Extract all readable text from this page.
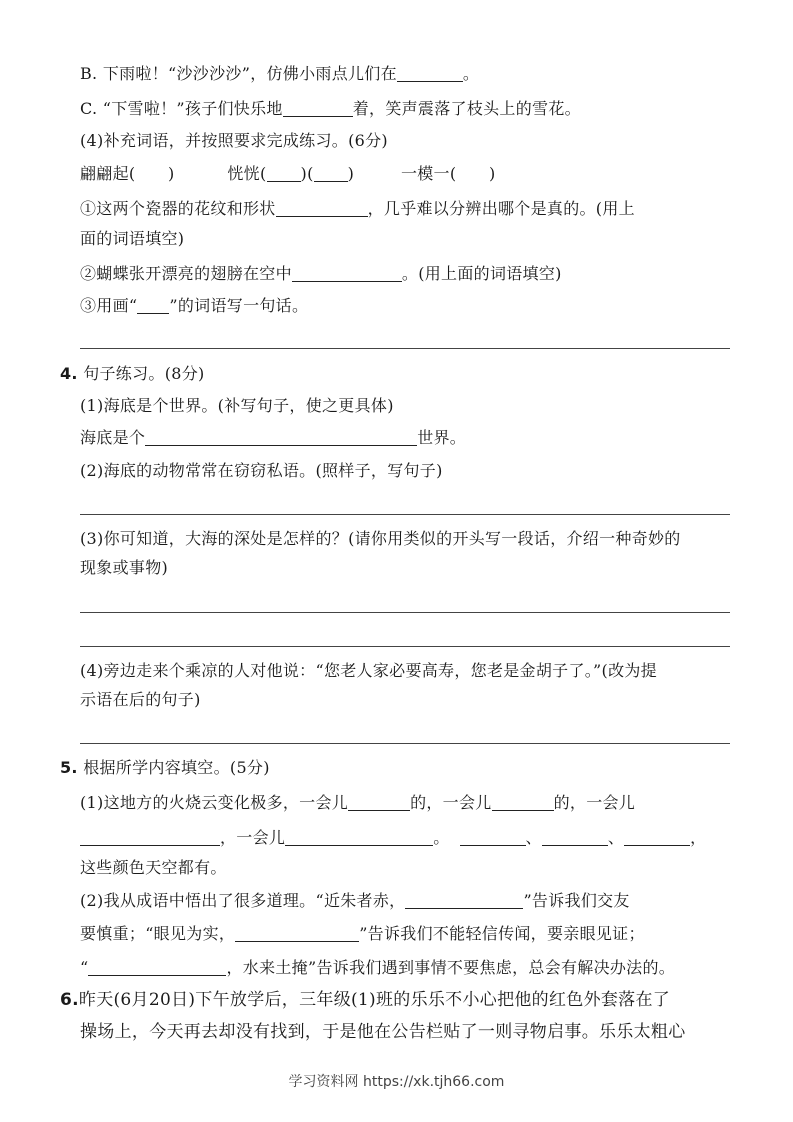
B. 下雨啦！“沙沙沙沙”，仿佛小雨点儿们在	。
C. “下雪啦！”孩子们快乐地	着，笑声震落了枝头上的雪花。
(4)补充词语，并按照要求完成练习。(6分)
翩翩起(　　)	恍恍( )( )	一模一(　　)
①这两个瓷器的花纹和形状	，几乎难以分辨出哪个是真的。(用上
面的词语填空)
②蝴蝶张开漂亮的翅膀在空中	。(用上面的词语填空)
③用画“ ”的词语写一句话。
4. 句子练习。(8分)
(1)海底是个世界。(补写句子，使之更具体)
海底是个	世界。
(2)海底的动物常常在窃窃私语。(照样子，写句子)
(3)你可知道，大海的深处是怎样的？(请你用类似的开头写一段话，介绍一种奇妙的
现象或事物)
(4)旁边走来个乘凉的人对他说：“您老人家必要高寿，您老是金胡子了。”(改为提
示语在后的句子)
5. 根据所学内容填空。(5分)
(1)这地方的火烧云变化极多，一会儿	的，一会儿	的，一会儿
，一会儿	。	、	、	，
这些颜色天空都有。
(2)我从成语中悟出了很多道理。“近朱者赤，	”告诉我们交友
要慎重；“眼见为实，	”告诉我们不能轻信传闻，要亲眼见证；
“	，水来土掩”告诉我们遇到事情不要焦虑，总会有解决办法的。
6.昨天(6月20日)下午放学后，三年级(1)班的乐乐不小心把他的红色外套落在了
操场上，今天再去却没有找到，于是他在公告栏贴了一则寻物启事。乐乐太粗心
学习资料网 https://xk.tjh66.com
